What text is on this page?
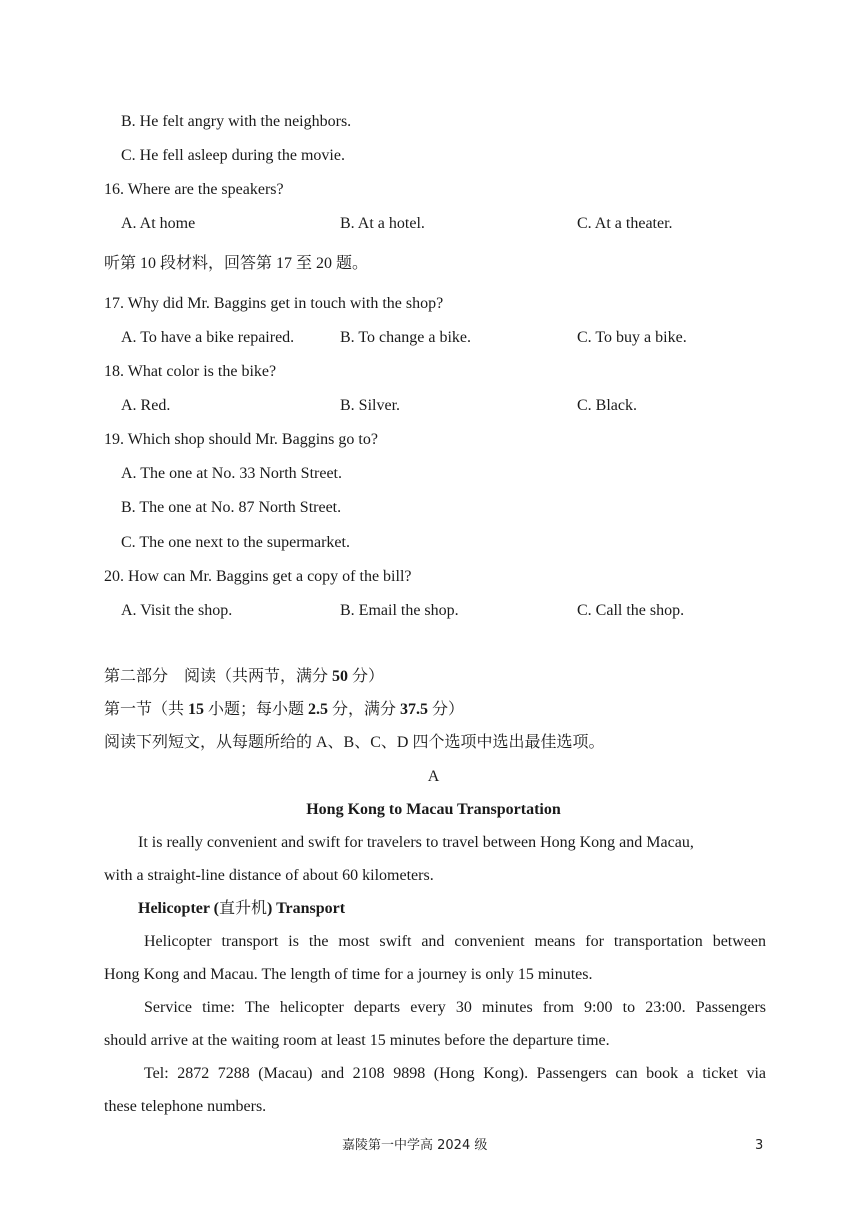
B. He felt angry with the neighbors.
C. He fell asleep during the movie.
16. Where are the speakers?
A. At home	B. At a hotel.	C. At a theater.
听第 10 段材料，回答第 17 至 20 题。
17. Why did Mr. Baggins get in touch with the shop?
A. To have a bike repaired.	B. To change a bike.	C. To buy a bike.
18. What color is the bike?
A. Red.	B. Silver.	C. Black.
19. Which shop should Mr. Baggins go to?
A. The one at No. 33 North Street.
B. The one at No. 87 North Street.
C. The one next to the supermarket.
20. How can Mr. Baggins get a copy of the bill?
A. Visit the shop.	B. Email the shop.	C. Call the shop.
第二部分　阅读（共两节，满分 50 分）
第一节（共 15 小题；每小题 2.5 分，满分 37.5 分）
阅读下列短文，从每题所给的 A、B、C、D 四个选项中选出最佳选项。
A
Hong Kong to Macau Transportation
It is really convenient and swift for travelers to travel between Hong Kong and Macau,
with a straight-line distance of about 60 kilometers.
Helicopter (直升机) Transport
Helicopter transport is the most swift and convenient means for transportation between
Hong Kong and Macau. The length of time for a journey is only 15 minutes.
Service time: The helicopter departs every 30 minutes from 9:00 to 23:00. Passengers
should arrive at the waiting room at least 15 minutes before the departure time.
Tel: 2872 7288 (Macau) and 2108 9898 (Hong Kong). Passengers can book a ticket via
these telephone numbers.
嘉陵第一中学高 2024 级	3
